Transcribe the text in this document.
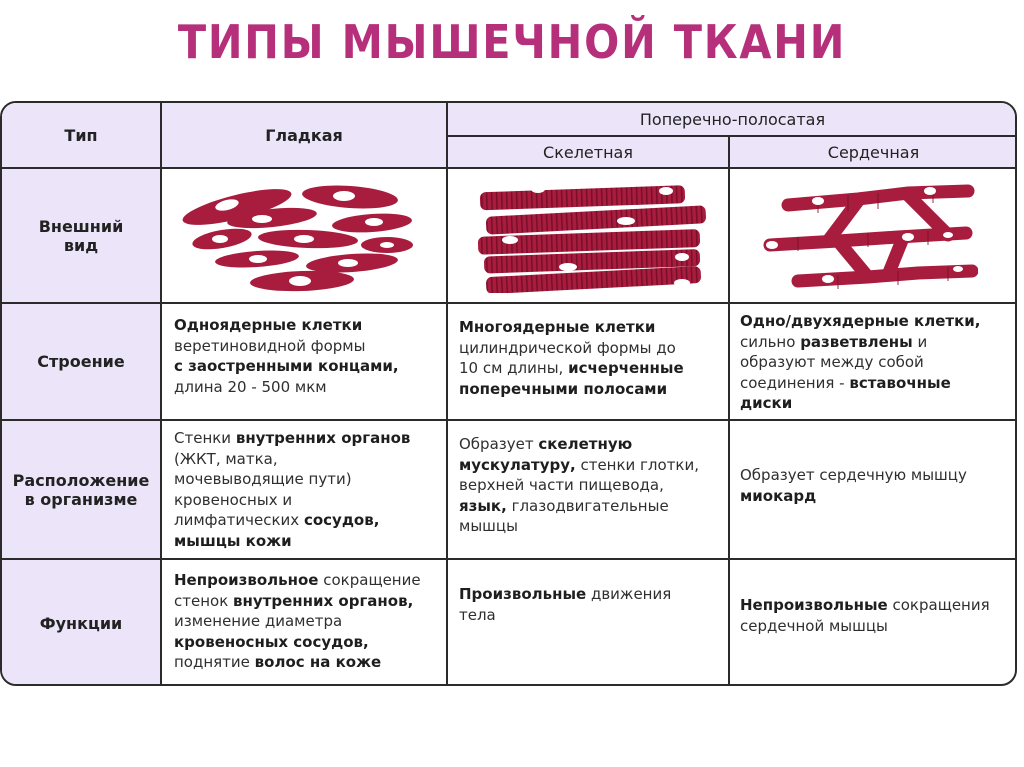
ТИПЫ МЫШЕЧНОЙ ТКАНИ
Тип	Гладкая
Поперечно-полосатая
Скелетная	Сердечная
Внешний
вид
Строение
Расположение
в организме
Функции
Одноядерные клетки
веретиновидной формы
с заостренными концами,
длина 20 - 500 мкм
Многоядерные клетки
цилиндрической формы до
10 см длины, исчерченные
поперечными полосами
Одно/двухядерные клетки,
сильно разветвлены и
образуют между собой
соединения - вставочные
диски
Стенки внутренних органов
(ЖКТ, матка,
мочевыводящие пути)
кровеносных и
лимфатических сосудов,
мышцы кожи
Образует скелетную
мускулатуру, стенки глотки,
верхней части пищевода,
язык, глазодвигательные
мышцы
Образует сердечную мышцу
миокард
Непроизвольное сокращение
стенок внутренних органов,
изменение диаметра
кровеносных сосудов,
поднятие волос на коже
Произвольные движения
тела
Непроизвольные сокращения
сердечной мышцы
